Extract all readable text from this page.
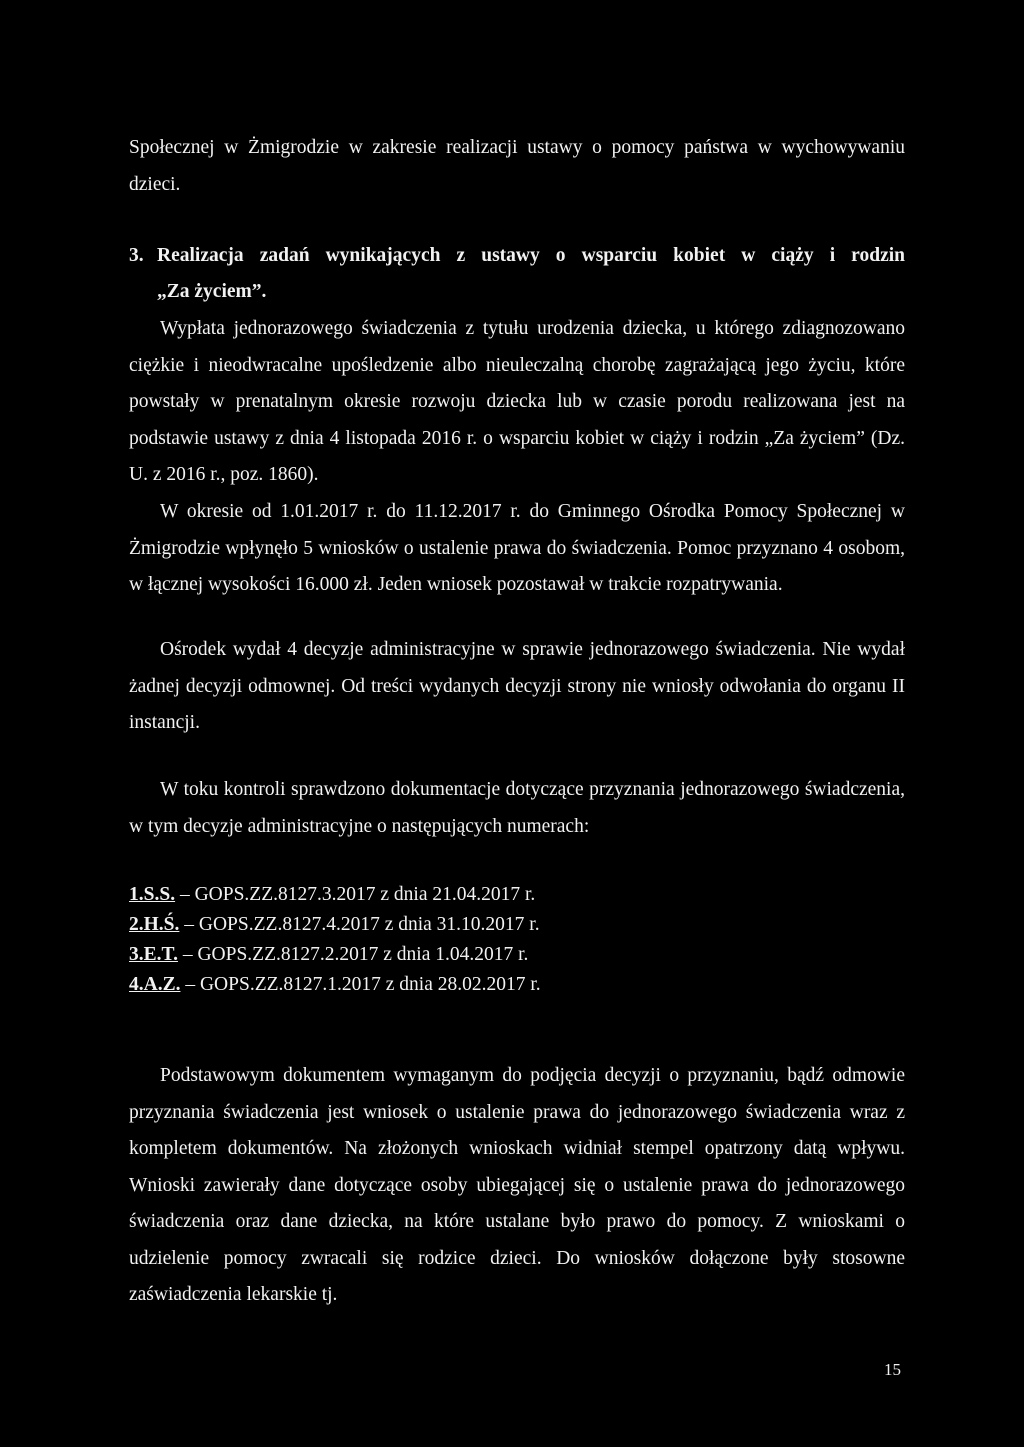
Społecznej w Żmigrodzie w zakresie realizacji ustawy o pomocy państwa w wychowywaniu dzieci.

3. Realizacja zadań wynikających z ustawy o wsparciu kobiet w ciąży i rodzin
„Za życiem”.

Wypłata jednorazowego świadczenia z tytułu urodzenia dziecka, u którego zdiagnozowano ciężkie i nieodwracalne upośledzenie albo nieuleczalną chorobę zagrażającą jego życiu, które powstały w prenatalnym okresie rozwoju dziecka lub w czasie porodu realizowana jest na podstawie ustawy z dnia 4 listopada 2016 r. o wsparciu kobiet w ciąży i rodzin „Za życiem” (Dz. U. z 2016 r., poz. 1860).

W okresie od 1.01.2017 r. do 11.12.2017 r. do Gminnego Ośrodka Pomocy Społecznej w Żmigrodzie wpłynęło 5 wniosków o ustalenie prawa do świadczenia. Pomoc przyznano 4 osobom, w łącznej wysokości 16.000 zł. Jeden wniosek pozostawał w trakcie rozpatrywania.

Ośrodek wydał 4 decyzje administracyjne w sprawie jednorazowego świadczenia. Nie wydał żadnej decyzji odmownej. Od treści wydanych decyzji strony nie wniosły odwołania do organu II instancji.

W toku kontroli sprawdzono dokumentacje dotyczące przyznania jednorazowego świadczenia, w tym decyzje administracyjne o następujących numerach:

1.S.S. – GOPS.ZZ.8127.3.2017 z dnia 21.04.2017 r.
2.H.Ś. – GOPS.ZZ.8127.4.2017 z dnia 31.10.2017 r.
3.E.T. – GOPS.ZZ.8127.2.2017 z dnia 1.04.2017 r.
4.A.Z. – GOPS.ZZ.8127.1.2017 z dnia 28.02.2017 r.

Podstawowym dokumentem wymaganym do podjęcia decyzji o przyznaniu, bądź odmowie przyznania świadczenia jest wniosek o ustalenie prawa do jednorazowego świadczenia wraz z kompletem dokumentów. Na złożonych wnioskach widniał stempel opatrzony datą wpływu. Wnioski zawierały dane dotyczące osoby ubiegającej się o ustalenie prawa do jednorazowego świadczenia oraz dane dziecka, na które ustalane było prawo do pomocy. Z wnioskami o udzielenie pomocy zwracali się rodzice dzieci. Do wniosków dołączone były stosowne zaświadczenia lekarskie tj.

15
